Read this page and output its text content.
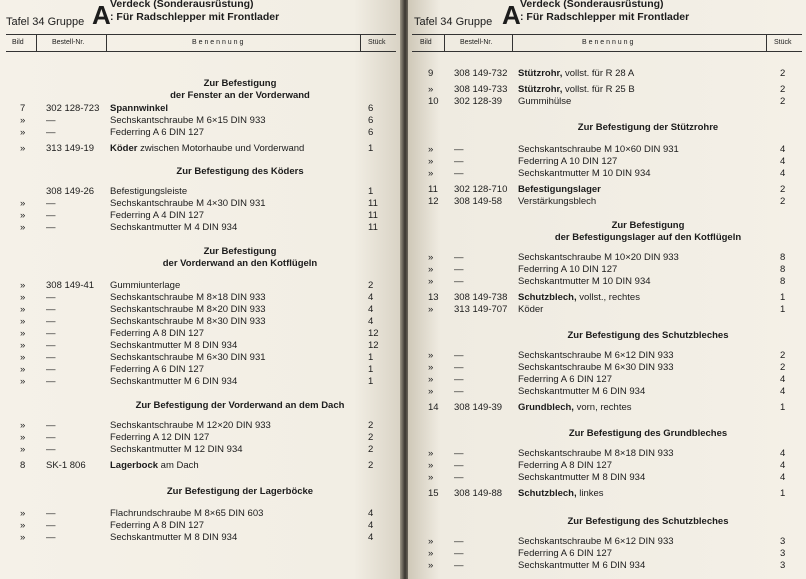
Tafel 34 Gruppe A Verdeck (Sonderausrüstung)
: Für Radschlepper mit Frontlader
Bild	Bestell-Nr.	B e n e n n u n g	Stück
Zur Befestigung
der Fenster an der Vorderwand
7 302 128-723 Spannwinkel	6
» —	Sechskantschraube M 6×15 DIN 933	6
» —	Federring A 6 DIN 127	6
» 313 149-19 Köder zwischen Motorhaube und Vorderwand	1
Zur Befestigung des Köders
308 149-26 Befestigungsleiste	1
» —	Sechskantschraube M 4×30 DIN 931	11
» —	Federring A 4 DIN 127	11
» —	Sechskantmutter M 4 DIN 934	11
Zur Befestigung
der Vorderwand an den Kotflügeln
» 308 149-41 Gummiunterlage	2
» —	Sechskantschraube M 8×18 DIN 933	4
» —	Sechskantschraube M 8×20 DIN 933	4
» —	Sechskantschraube M 8×30 DIN 933	4
» —	Federring A 8 DIN 127	12
» —	Sechskantmutter M 8 DIN 934	12
» —	Sechskantschraube M 6×30 DIN 931	1
» —	Federring A 6 DIN 127	1
» —	Sechskantmutter M 6 DIN 934	1
Zur Befestigung der Vorderwand an dem Dach
» —	Sechskantschraube M 12×20 DIN 933	2
» —	Federring A 12 DIN 127	2
» —	Sechskantmutter M 12 DIN 934	2
8 SK-1 806	Lagerbock am Dach	2
Zur Befestigung der Lagerböcke
» —	Flachrundschraube M 8×65 DIN 603	4
» —	Federring A 8 DIN 127	4
» —	Sechskantmutter M 8 DIN 934	4
Tafel 34 Gruppe A Verdeck (Sonderausrüstung)
: Für Radschlepper mit Frontlader
Bild	Bestell-Nr.	B e n e n n u n g	Stück
9 308 149-732 Stützrohr, vollst. für R 28 A	2
» 308 149-733 Stützrohr, vollst. für R 25 B	2
10 302 128-39 Gummihülse	2
Zur Befestigung der Stützrohre
» —	Sechskantschraube M 10×60 DIN 931	4
» —	Federring A 10 DIN 127	4
» —	Sechskantmutter M 10 DIN 934	4
11 302 128-710 Befestigungslager	2
12 308 149-58 Verstärkungsblech	2
Zur Befestigung
der Befestigungslager auf den Kotflügeln
» —	Sechskantschraube M 10×20 DIN 933	8
» —	Federring A 10 DIN 127	8
» —	Sechskantmutter M 10 DIN 934	8
13 308 149-738 Schutzblech, vollst., rechtes	1
» 313 149-707 Köder	1
Zur Befestigung des Schutzbleches
» —	Sechskantschraube M 6×12 DIN 933	2
» —	Sechskantschraube M 6×30 DIN 933	2
» —	Federring A 6 DIN 127	4
» —	Sechskantmutter M 6 DIN 934	4
14 308 149-39 Grundblech, vorn, rechtes	1
Zur Befestigung des Grundbleches
» —	Sechskantschraube M 8×18 DIN 933	4
» —	Federring A 8 DIN 127	4
» —	Sechskantmutter M 8 DIN 934	4
15 308 149-88 Schutzblech, linkes	1
Zur Befestigung des Schutzbleches
» —	Sechskantschraube M 6×12 DIN 933	3
» —	Federring A 6 DIN 127	3
» —	Sechskantmutter M 6 DIN 934	3
